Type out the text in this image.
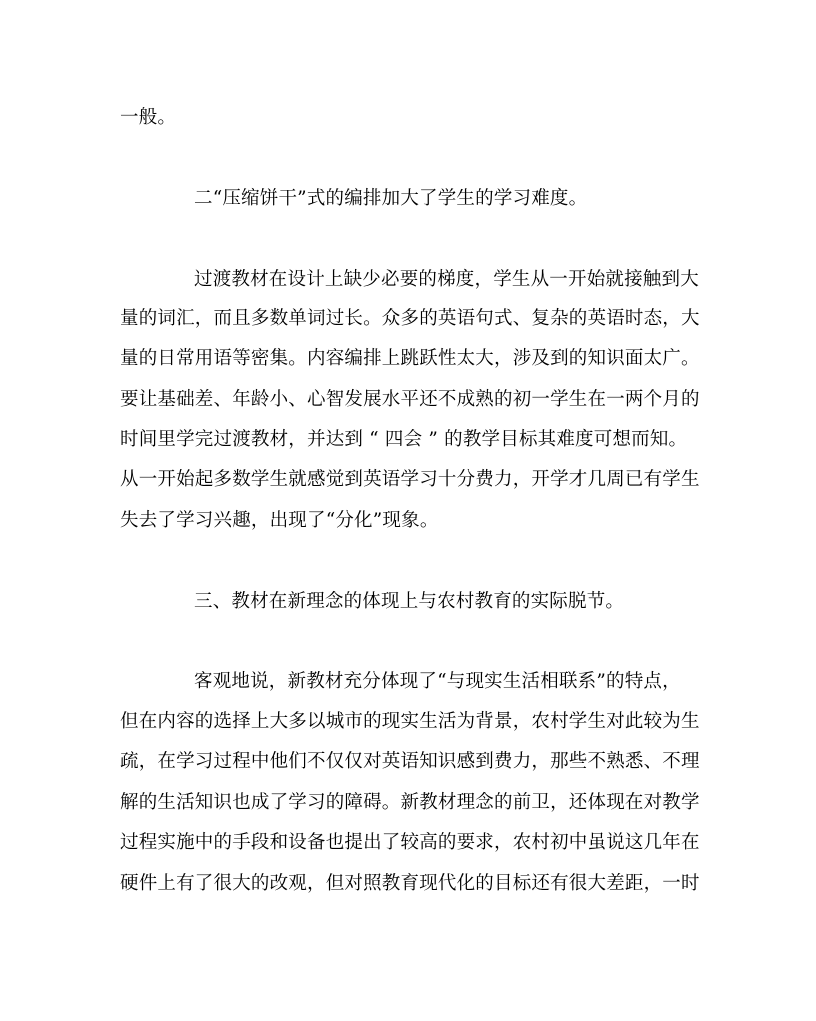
一般。
二“压缩饼干”式的编排加大了学生的学习难度。
过渡教材在设计上缺少必要的梯度，学生从一开始就接触到大
量的词汇，而且多数单词过长。众多的英语句式、复杂的英语时态，大
量的日常用语等密集。内容编排上跳跃性太大，涉及到的知识面太广。
要让基础差、年龄小、心智发展水平还不成熟的初一学生在一两个月的
时间里学完过渡教材，并达到 “ 四会 ” 的教学目标其难度可想而知。
从一开始起多数学生就感觉到英语学习十分费力，开学才几周已有学生
失去了学习兴趣，出现了“分化”现象。
三、教材在新理念的体现上与农村教育的实际脱节。
客观地说，新教材充分体现了“与现实生活相联系”的特点，
但在内容的选择上大多以城市的现实生活为背景，农村学生对此较为生
疏，在学习过程中他们不仅仅对英语知识感到费力，那些不熟悉、不理
解的生活知识也成了学习的障碍。新教材理念的前卫，还体现在对教学
过程实施中的手段和设备也提出了较高的要求，农村初中虽说这几年在
硬件上有了很大的改观，但对照教育现代化的目标还有很大差距，一时
